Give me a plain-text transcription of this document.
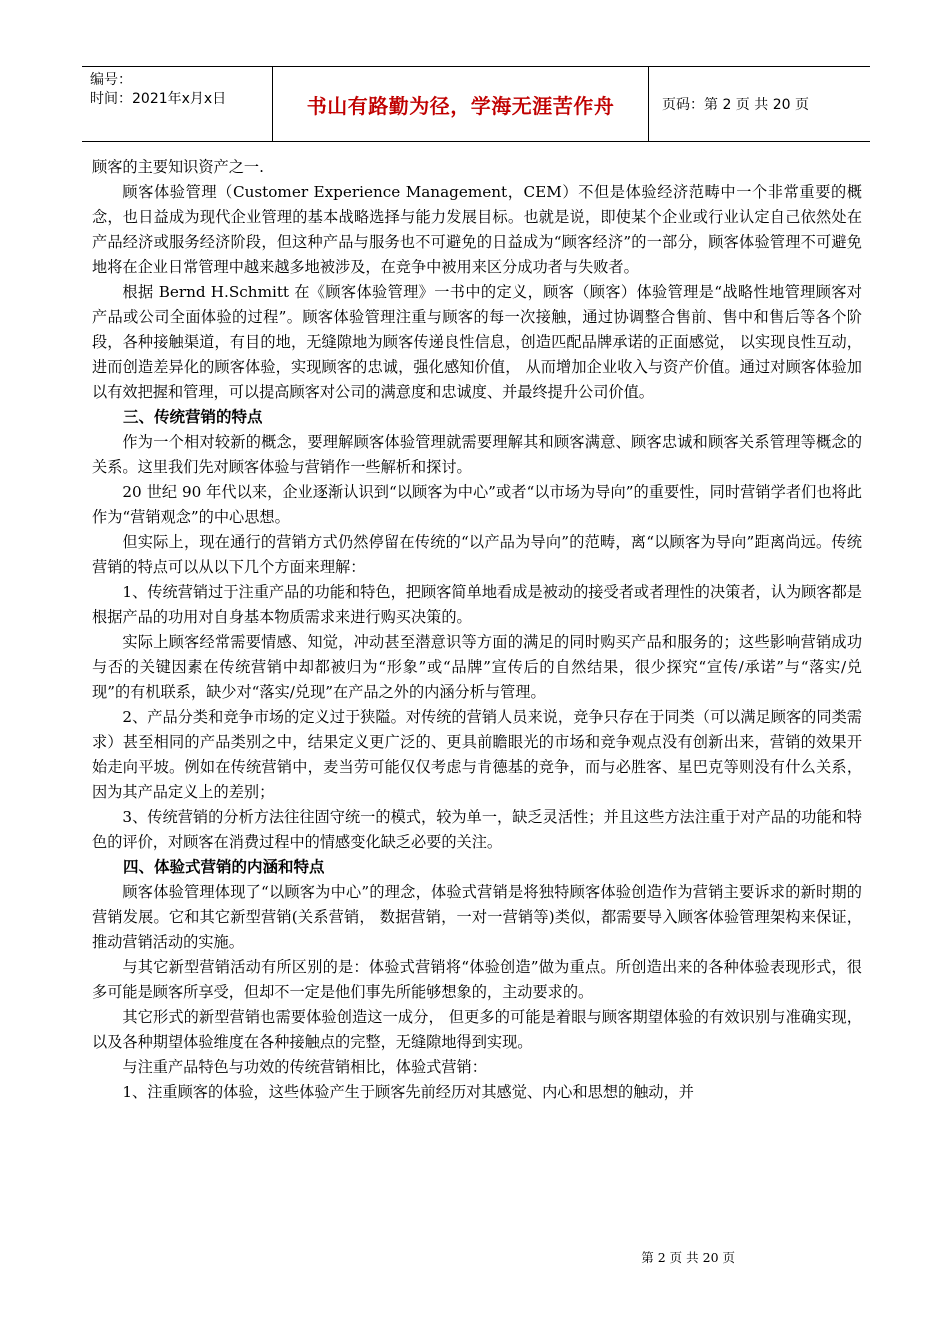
编号：
时间：2021年x月x日	书山有路勤为径，学海无涯苦作舟	页码：第 2 页 共 20 页

顾客的主要知识资产之一.

顾客体验管理（Customer Experience Management，CEM）不但是体验经济范畴中一个非常重要的概念，也日益成为现代企业管理的基本战略选择与能力发展目标。也就是说，即使某个企业或行业认定自己依然处在产品经济或服务经济阶段，但这种产品与服务也不可避免的日益成为“顾客经济”的一部分，顾客体验管理不可避免地将在企业日常管理中越来越多地被涉及，在竞争中被用来区分成功者与失败者。

根据 Bernd H.Schmitt 在《顾客体验管理》一书中的定义，顾客（顾客）体验管理是“战略性地管理顾客对产品或公司全面体验的过程”。顾客体验管理注重与顾客的每一次接触，通过协调整合售前、售中和售后等各个阶段，各种接触渠道，有目的地，无缝隙地为顾客传递良性信息，创造匹配品牌承诺的正面感觉， 以实现良性互动，进而创造差异化的顾客体验，实现顾客的忠诚，强化感知价值， 从而增加企业收入与资产价值。通过对顾客体验加以有效把握和管理，可以提高顾客对公司的满意度和忠诚度、并最终提升公司价值。

三、传统营销的特点

作为一个相对较新的概念，要理解顾客体验管理就需要理解其和顾客满意、顾客忠诚和顾客关系管理等概念的关系。这里我们先对顾客体验与营销作一些解析和探讨。

20 世纪 90 年代以来，企业逐渐认识到“以顾客为中心”或者“以市场为导向”的重要性，同时营销学者们也将此作为“营销观念”的中心思想。

但实际上，现在通行的营销方式仍然停留在传统的“以产品为导向”的范畴，离“以顾客为导向”距离尚远。传统营销的特点可以从以下几个方面来理解：

1、传统营销过于注重产品的功能和特色，把顾客简单地看成是被动的接受者或者理性的决策者，认为顾客都是根据产品的功用对自身基本物质需求来进行购买决策的。

实际上顾客经常需要情感、知觉，冲动甚至潜意识等方面的满足的同时购买产品和服务的；这些影响营销成功与否的关键因素在传统营销中却都被归为“形象”或“品牌”宣传后的自然结果，很少探究“宣传/承诺”与“落实/兑现”的有机联系，缺少对“落实/兑现”在产品之外的内涵分析与管理。

2、产品分类和竞争市场的定义过于狭隘。对传统的营销人员来说，竞争只存在于同类（可以满足顾客的同类需求）甚至相同的产品类别之中，结果定义更广泛的、更具前瞻眼光的市场和竞争观点没有创新出来，营销的效果开始走向平坡。例如在传统营销中，麦当劳可能仅仅考虑与肯德基的竞争，而与必胜客、星巴克等则没有什么关系，因为其产品定义上的差别；

3、传统营销的分析方法往往固守统一的模式，较为单一，缺乏灵活性；并且这些方法注重于对产品的功能和特色的评价，对顾客在消费过程中的情感变化缺乏必要的关注。

四、体验式营销的内涵和特点

顾客体验管理体现了“以顾客为中心”的理念，体验式营销是将独特顾客体验创造作为营销主要诉求的新时期的营销发展。它和其它新型营销(关系营销， 数据营销，一对一营销等)类似，都需要导入顾客体验管理架构来保证，推动营销活动的实施。

与其它新型营销活动有所区别的是：体验式营销将“体验创造”做为重点。所创造出来的各种体验表现形式，很多可能是顾客所享受，但却不一定是他们事先所能够想象的，主动要求的。

其它形式的新型营销也需要体验创造这一成分， 但更多的可能是着眼与顾客期望体验的有效识别与准确实现，以及各种期望体验维度在各种接触点的完整，无缝隙地得到实现。

与注重产品特色与功效的传统营销相比，体验式营销：

1、注重顾客的体验，这些体验产生于顾客先前经历对其感觉、内心和思想的触动，并

第 2 页 共 20 页
